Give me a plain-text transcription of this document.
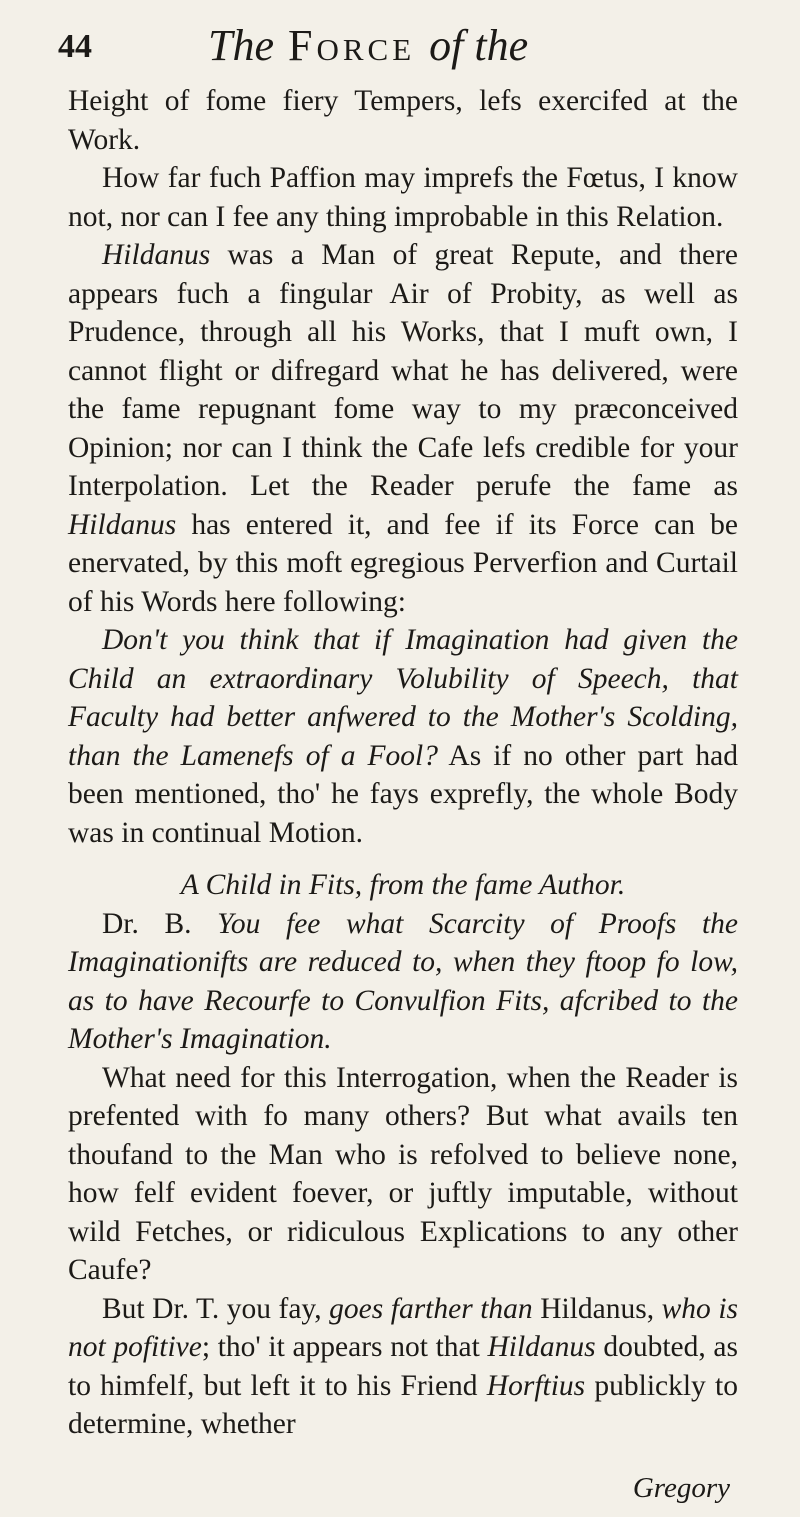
44	The Force of the

Height of fome fiery Tempers, lefs exercifed at the Work.

How far fuch Paffion may imprefs the Fœtus, I know not, nor can I fee any thing improbable in this Relation.

Hildanus was a Man of great Repute, and there appears fuch a fingular Air of Probity, as well as Prudence, through all his Works, that I muft own, I cannot flight or difregard what he has delivered, were the fame repugnant fome way to my præconceived Opinion; nor can I think the Cafe lefs credible for your Interpolation. Let the Reader perufe the fame as Hildanus has entered it, and fee if its Force can be enervated, by this moft egregious Perverfion and Curtail of his Words here following:

Don't you think that if Imagination had given the Child an extraordinary Volubility of Speech, that Faculty had better anfwered to the Mother's Scolding, than the Lamenefs of a Fool? As if no other part had been mentioned, tho' he fays exprefly, the whole Body was in continual Motion.

A Child in Fits, from the fame Author.

Dr. B. You fee what Scarcity of Proofs the Imaginationifts are reduced to, when they ftoop fo low, as to have Recourfe to Convulfion Fits, afcribed to the Mother's Imagination.

What need for this Interrogation, when the Reader is prefented with fo many others? But what avails ten thoufand to the Man who is refolved to believe none, how felf evident foever, or juftly imputable, without wild Fetches, or ridiculous Explications to any other Caufe?

But Dr. T. you fay, goes farther than Hildanus, who is not pofitive; tho' it appears not that Hildanus doubted, as to himfelf, but left it to his Friend Horftius publickly to determine, whether

Gregory
